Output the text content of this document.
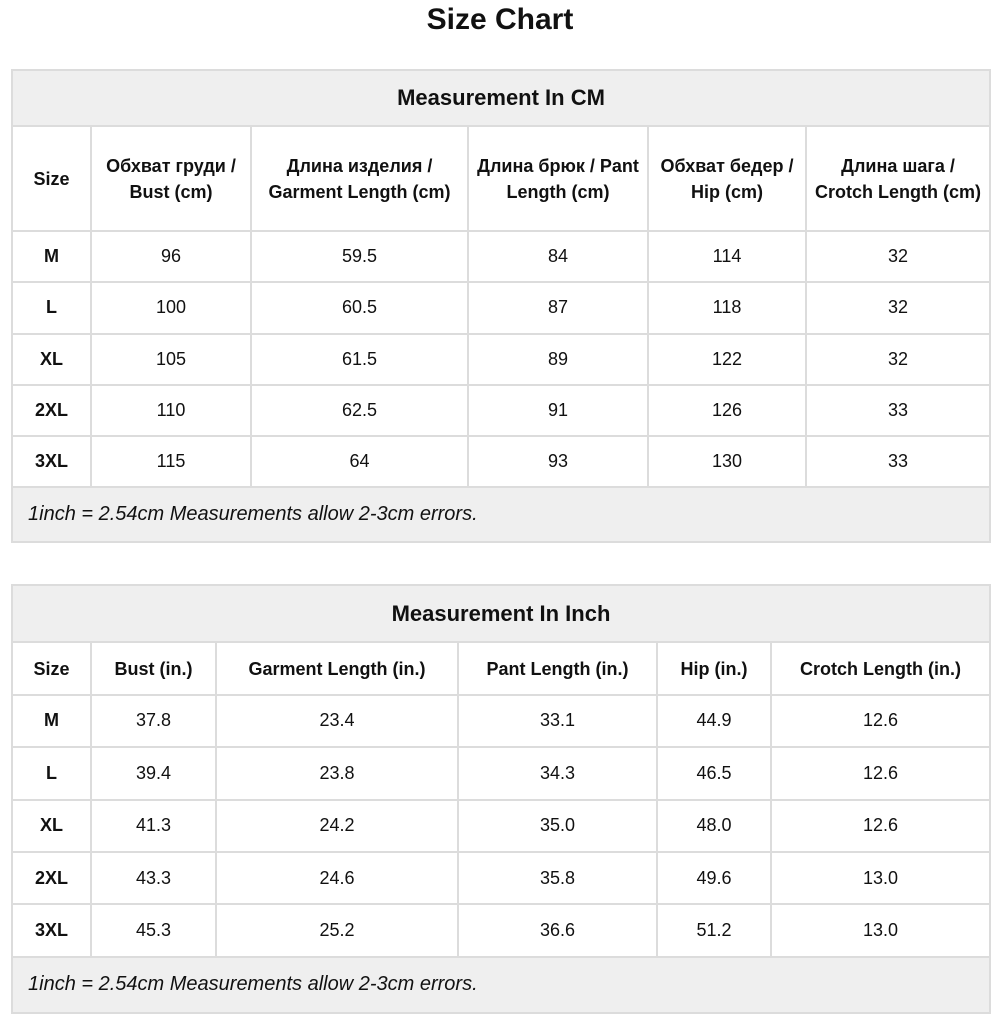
Size Chart
Measurement In CM					
Size	Обхват груди / Bust (cm)	Длина изделия / Garment Length (cm)	Длина брюк / Pant Length (cm)	Обхват бедер / Hip (cm)	Длина шага / Crotch Length (cm)
M	96	59.5	84	114	32
L	100	60.5	87	118	32
XL	105	61.5	89	122	32
2XL	110	62.5	91	126	33
3XL	115	64	93	130	33
1inch = 2.54cm Measurements allow 2-3cm errors.					
Measurement In Inch					
Size	Bust (in.)	Garment Length (in.)	Pant Length (in.)	Hip (in.)	Crotch Length (in.)
M	37.8	23.4	33.1	44.9	12.6
L	39.4	23.8	34.3	46.5	12.6
XL	41.3	24.2	35.0	48.0	12.6
2XL	43.3	24.6	35.8	49.6	13.0
3XL	45.3	25.2	36.6	51.2	13.0
1inch = 2.54cm Measurements allow 2-3cm errors.					
